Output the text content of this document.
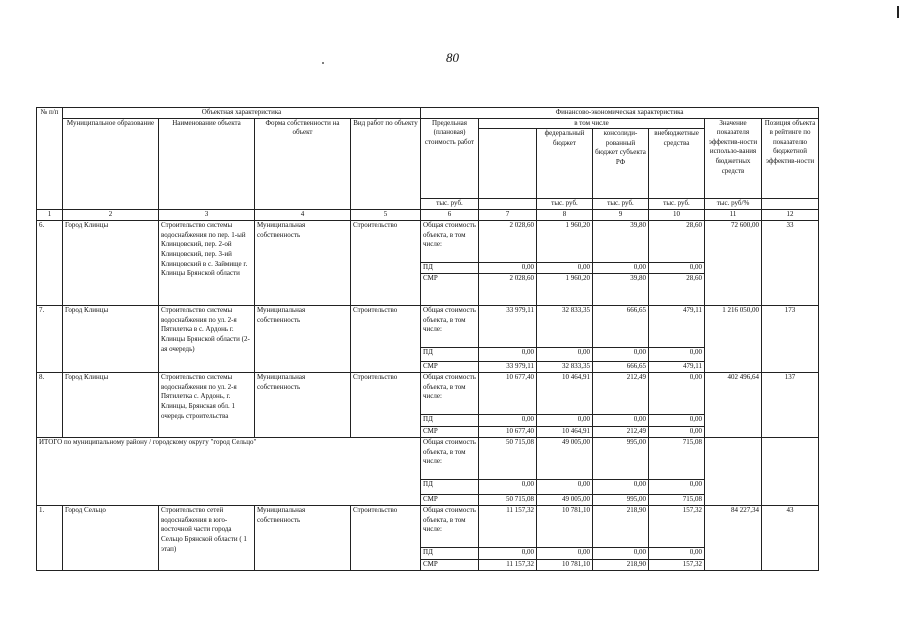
80
№ п/п	Объектная характеристика				Финансово-экономическая характеристика						
	Муниципальное образование	Наименование объекта	Форма собственности на объект	Вид работ по объекту	Предельная (плановая) стоимость работ	в том числе				Значение показателя эффектив-ности использо-вания бюджетных средств	Позиция объекта в рейтинге по показателю бюджетной эффектив-ности
							федеральный бюджет	консолиди-рованный бюджет субъекта РФ	внебюджетные средства		
					тыс. руб.		тыс. руб.	тыс. руб.	тыс. руб.	тыс. руб/%	
1	2	3	4	5	6	7	8	9	10	11	12
6.	Город Клинцы	Строительство системы водоснабжения по пер. 1-ый Клинцовский, пер. 2-ой Клинцовский, пер. 3-ий Клинцовский в с. Займище г. Клинцы Брянской области	Муниципальная собственность	Строительство	Общая стоимость объекта, в том числе:	2 028,60	1 960,20	39,80	28,60	72 600,00	33
					ПД	0,00	0,00	0,00	0,00		
					СМР	2 028,60	1 960,20	39,80	28,60		
7.	Город Клинцы	Строительство системы водоснабжения по ул. 2-я Пятилетка в с. Ардонь г. Клинцы Брянской области (2-ая очередь)	Муниципальная собственность	Строительство	Общая стоимость объекта, в том числе:	33 979,11	32 833,35	666,65	479,11	1 216 050,00	173
					ПД	0,00	0,00	0,00	0,00		
					СМР	33 979,11	32 833,35	666,65	479,11		
8.	Город Клинцы	Строительство системы водоснабжения по ул. 2-я Пятилетка с. Ардонь, г. Клинцы, Брянская обл. 1 очередь строительства	Муниципальная собственность	Строительство	Общая стоимость объекта, в том числе:	10 677,40	10 464,91	212,49	0,00	402 496,64	137
					ПД	0,00	0,00	0,00	0,00		
					СМР	10 677,40	10 464,91	212,49	0,00		
ИТОГО по муниципальному району / городскому округу "город Сельцо"					Общая стоимость объекта, в том числе:	50 715,08	49 005,00	995,00	715,08		
					ПД	0,00	0,00	0,00	0,00		
					СМР	50 715,08	49 005,00	995,00	715,08		
1.	Город Сельцо	Строительство сетей водоснабжения в юго-восточной части города Сельцо Брянской области ( 1 этап)	Муниципальная собственность	Строительство	Общая стоимость объекта, в том числе:	11 157,32	10 781,10	218,90	157,32	84 227,34	43
					ПД	0,00	0,00	0,00	0,00		
					СМР	11 157,32	10 781,10	218,90	157,32		
